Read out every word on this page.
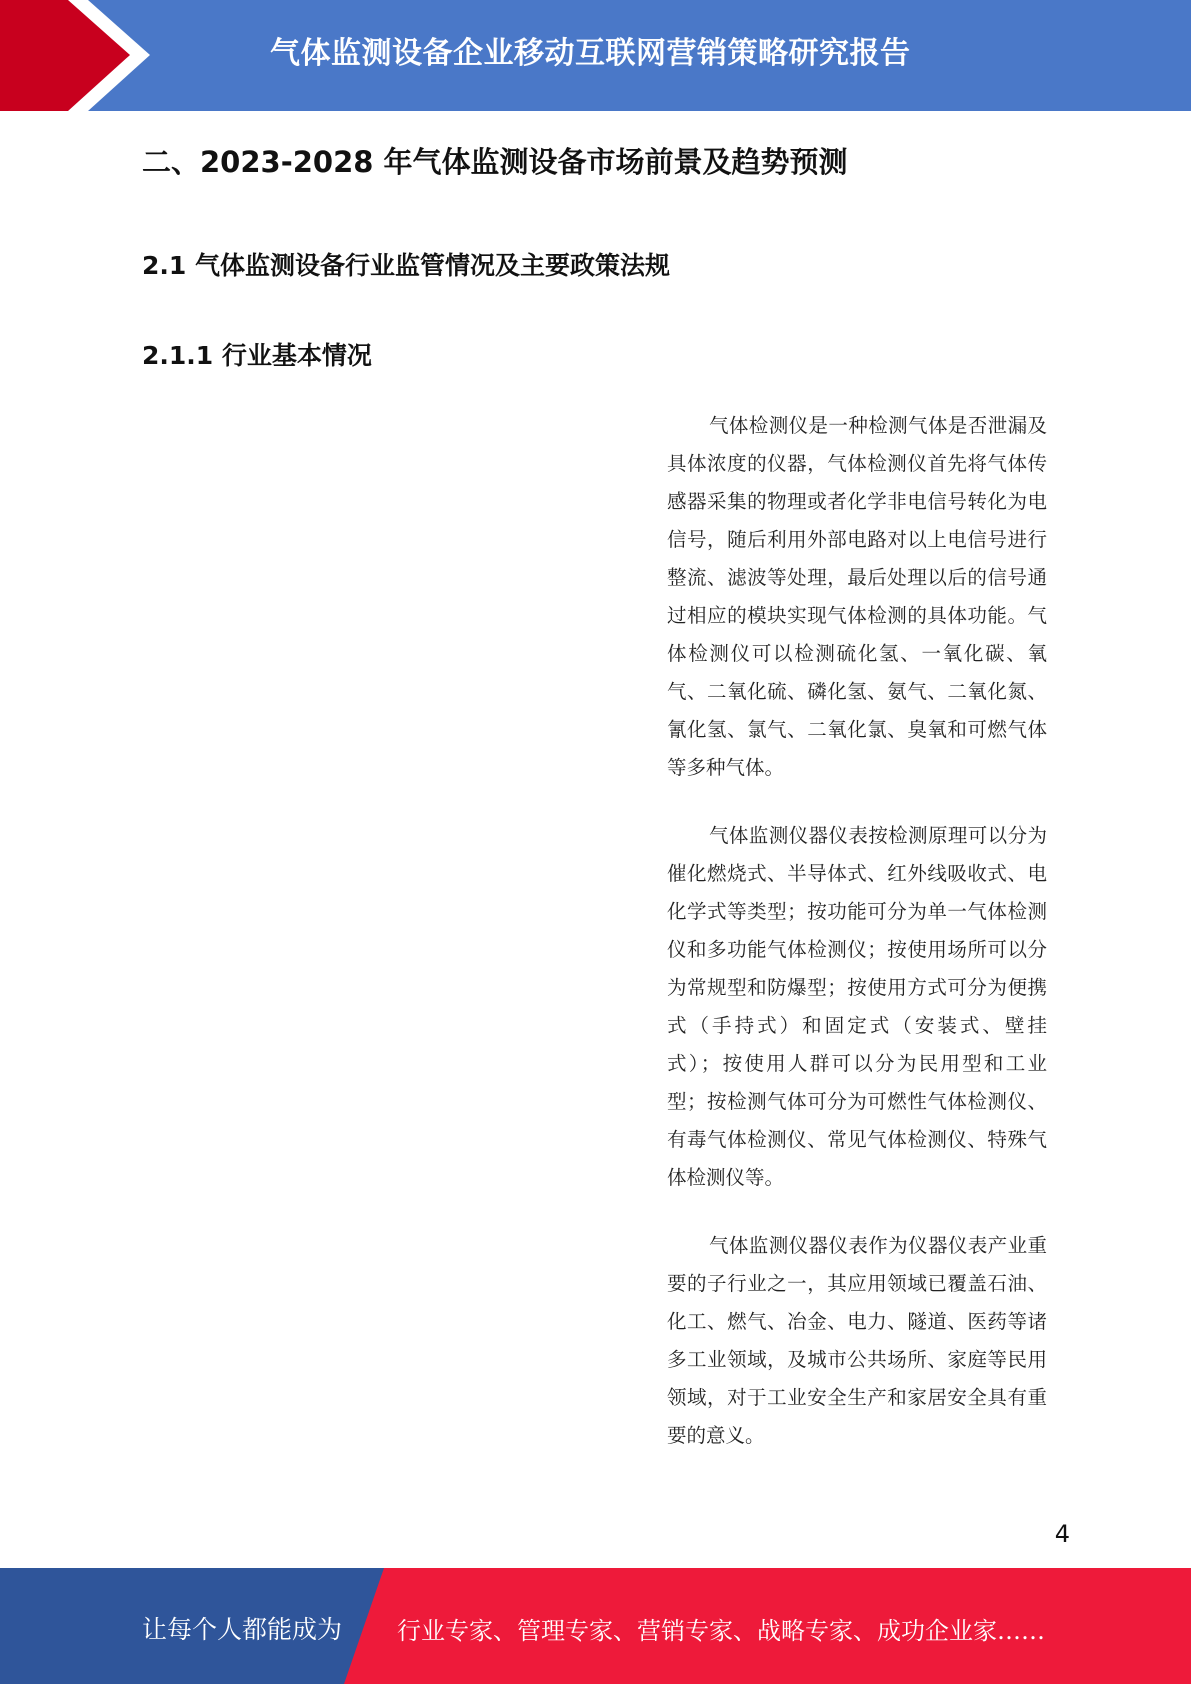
气体监测设备企业移动互联网营销策略研究报告
二、2023-2028 年气体监测设备市场前景及趋势预测
2.1 气体监测设备行业监管情况及主要政策法规
2.1.1 行业基本情况

气体检测仪是一种检测气体是否泄漏及具体浓度的仪器，气体检测仪首先将气体传感器采集的物理或者化学非电信号转化为电信号，随后利用外部电路对以上电信号进行整流、滤波等处理，最后处理以后的信号通过相应的模块实现气体检测的具体功能。气体检测仪可以检测硫化氢、一氧化碳、氧气、二氧化硫、磷化氢、氨气、二氧化氮、氰化氢、氯气、二氧化氯、臭氧和可燃气体等多种气体。

气体监测仪器仪表按检测原理可以分为催化燃烧式、半导体式、红外线吸收式、电化学式等类型；按功能可分为单一气体检测仪和多功能气体检测仪；按使用场所可以分为常规型和防爆型；按使用方式可分为便携式（手持式）和固定式（安装式、壁挂式）；按使用人群可以分为民用型和工业型；按检测气体可分为可燃性气体检测仪、有毒气体检测仪、常见气体检测仪、特殊气体检测仪等。

气体监测仪器仪表作为仪器仪表产业重要的子行业之一，其应用领域已覆盖石油、化工、燃气、冶金、电力、隧道、医药等诸多工业领域，及城市公共场所、家庭等民用领域，对于工业安全生产和家居安全具有重要的意义。

4
让每个人都能成为 行业专家、管理专家、营销专家、战略专家、成功企业家……
